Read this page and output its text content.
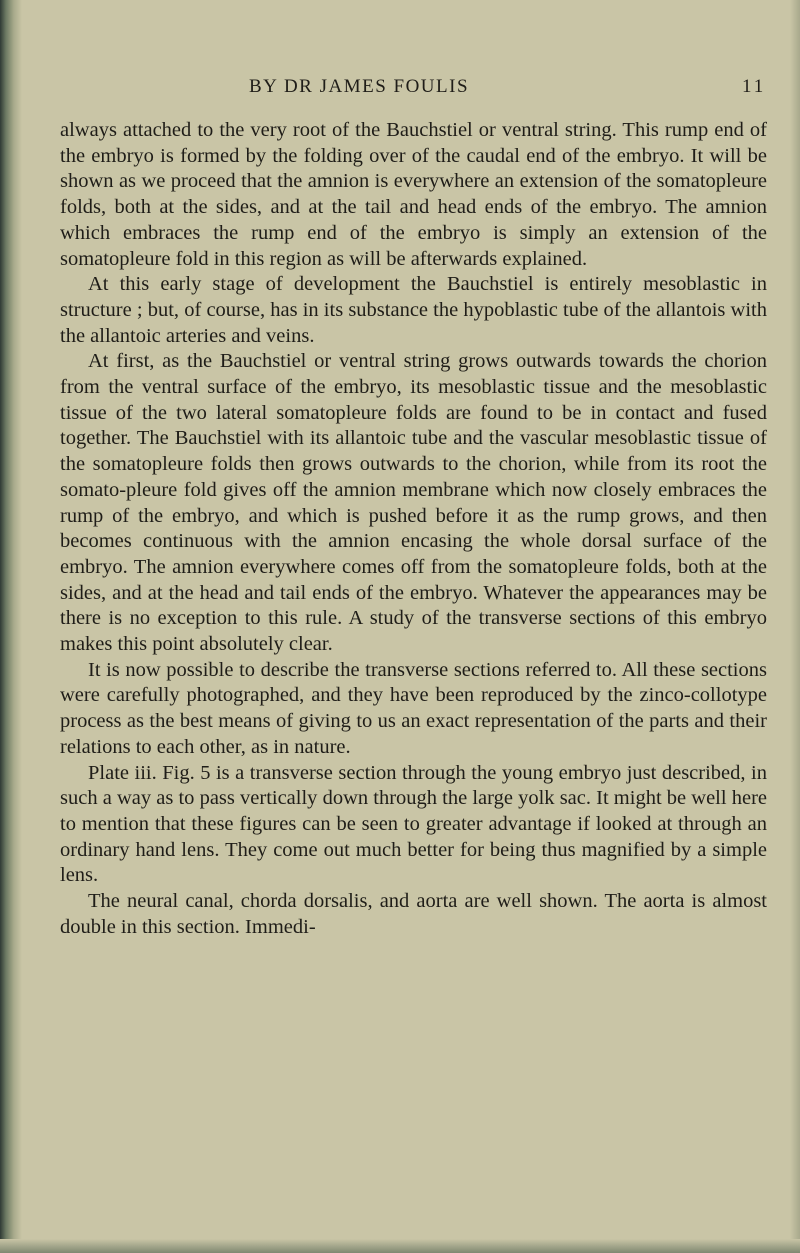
BY DR JAMES FOULIS	11

always attached to the very root of the Bauchstiel or ventral string. This rump end of the embryo is formed by the folding over of the caudal end of the embryo. It will be shown as we proceed that the amnion is everywhere an extension of the somatopleure folds, both at the sides, and at the tail and head ends of the embryo. The amnion which embraces the rump end of the embryo is simply an extension of the somatopleure fold in this region as will be afterwards explained.

At this early stage of development the Bauchstiel is entirely mesoblastic in structure ; but, of course, has in its substance the hypoblastic tube of the allantois with the allantoic arteries and veins.

At first, as the Bauchstiel or ventral string grows outwards towards the chorion from the ventral surface of the embryo, its mesoblastic tissue and the mesoblastic tissue of the two lateral somatopleure folds are found to be in contact and fused together. The Bauchstiel with its allantoic tube and the vascular mesoblastic tissue of the somatopleure folds then grows outwards to the chorion, while from its root the somato-pleure fold gives off the amnion membrane which now closely embraces the rump of the embryo, and which is pushed before it as the rump grows, and then becomes continuous with the amnion encasing the whole dorsal surface of the embryo. The amnion everywhere comes off from the somatopleure folds, both at the sides, and at the head and tail ends of the embryo. Whatever the appearances may be there is no exception to this rule. A study of the transverse sections of this embryo makes this point absolutely clear.

It is now possible to describe the transverse sections referred to. All these sections were carefully photographed, and they have been reproduced by the zinco-collotype process as the best means of giving to us an exact representation of the parts and their relations to each other, as in nature.

Plate iii. Fig. 5 is a transverse section through the young embryo just described, in such a way as to pass vertically down through the large yolk sac. It might be well here to mention that these figures can be seen to greater advantage if looked at through an ordinary hand lens. They come out much better for being thus magnified by a simple lens.

The neural canal, chorda dorsalis, and aorta are well shown. The aorta is almost double in this section. Immedi-
